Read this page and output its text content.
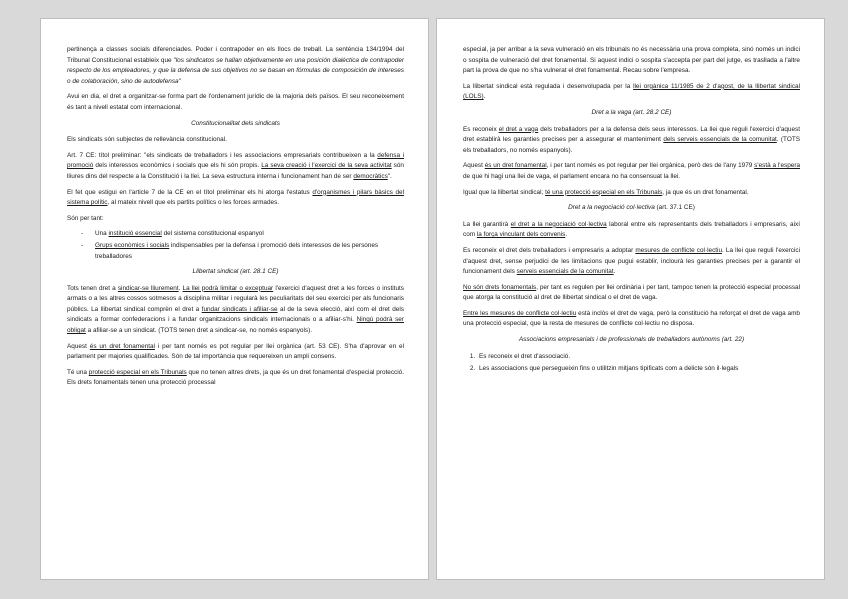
pertinença a classes socials diferenciades. Poder i contrapoder en els llocs de treball. La sentència 134/1994 del Tribunal Constitucional estableix que "los sindicatos se hallan objetivamente en una posición dialéctica de contrapoder respecto de los empleadores, y que la defensa de sus objetivos no se basan en fórmulas de composición de intereses o de colaboración, sino de autodefensa"

Avui en dia, el dret a organitzar-se forma part de l'ordenament jurídic de la majoria dels països. El seu reconeixement és tant a nivell estatal com internacional.

Constitucionalitat dels sindicats

Els sindicats són subjectes de rellevància constitucional.

Art. 7 CE: títol preliminar: "els sindicats de treballadors i les associacions empresarials contribueixen a la defensa i promoció dels interessos econòmics i socials que els hi són propis. La seva creació i l'exercici de la seva activitat són lliures dins del respecte a la Constitució i la llei. La seva estructura interna i funcionament han de ser democràtics".

El fet que estigui en l'article 7 de la CE en el títol preliminar els hi atorga l'estatus d'organismes i pilars bàsics del sistema polític, al mateix nivell que els partits polítics o les forces armades.

Són per tant:

- Una institució essencial del sistema constitucional espanyol
- Grups econòmics i socials indispensables per la defensa i promoció dels interessos de les persones treballadores
Llibertat sindical (art. 28.1 CE)

Tots tenen dret a sindicar-se lliurement. La llei podrà limitar o exceptuar l'exercici d'aquest dret a les forces o instituts armats o a les altres cossos sotmesos a disciplina militar i regularà les peculiaritats del seu exercici per als funcionaris públics. La llibertat sindical comprèn el dret a fundar sindicats i afiliar-se al de la seva elecció, així com el dret dels sindicats a formar confederacions i a fundar organitzacions sindicals internacionals o a afiliar-s'hi. Ningú podrà ser obligat a afiliar-se a un sindicat. (TOTS tenen dret a sindicar-se, no només espanyols).

Aquest és un dret fonamental i per tant només es pot regular per llei orgànica (art. 53 CE). S'ha d'aprovar en el parlament per majories qualificades. Són de tal importància que requereixen un ampli consens.

Té una protecció especial en els Tribunals que no tenen altres drets, ja que és un dret fonamental d'especial protecció. Els drets fonamentals tenen una protecció processal

especial, ja per arribar a la seva vulneració en els tribunals no és necessària una prova completa, sinó només un indici o sospita de vulneració del dret fonamental. Si aquest indici o sospita s'accepta per part del jutge, es trasllada a l'altre part la prova de que no s'ha vulnerat el dret fonamental. Recau sobre l'empresa.

La llibertat sindical està regulada i desenvolupada per la llei orgànica 11/1985 de 2 d'agost, de la llibertat sindical (LOLS).

Dret a la vaga (art. 28.2 CE)

Es reconeix el dret a vaga dels treballadors per a la defensa dels seus interessos. La llei que reguli l'exercici d'aquest dret establirà les garanties precises per a assegurar el manteniment dels serveis essencials de la comunitat. (TOTS els treballadors, no només espanyols).

Aquest és un dret fonamental, i per tant només es pot regular per llei orgànica, però des de l'any 1979 s'està a l'espera de que hi hagi una llei de vaga, el parlament encara no ha consensuat la llei.

Igual que la llibertat sindical, té una protecció especial en els Tribunals, ja que és un dret fonamental.

Dret a la negociació col·lectiva (art. 37.1 CE)

La llei garantirà el dret a la negociació col·lectiva laboral entre els representants dels treballadors i empresaris, així com la força vinculant dels convenis.

Es reconeix el dret dels treballadors i empresaris a adoptar mesures de conflicte col·lectiu. La llei que reguli l'exercici d'aquest dret, sense perjudici de les limitacions que pugui establir, inclourà les garanties precises per a garantir el funcionament dels serveis essencials de la comunitat.

No són drets fonamentals, per tant es regulen per llei ordinària i per tant, tampoc tenen la protecció especial processal que atorga la constitució al dret de llibertat sindical o el dret de vaga.

Entre les mesures de conflicte col·lectiu està inclòs el dret de vaga, però la constitució ha reforçat el dret de vaga amb una protecció especial, que la resta de mesures de conflicte col·lectiu no disposa.

Associacions empresarials i de professionals de treballadors autònoms (art. 22)
1. Es reconeix el dret d'associació.
2. Les associacions que persegueixin fins o utilitzin mitjans tipificats com a delicte són il·legals
